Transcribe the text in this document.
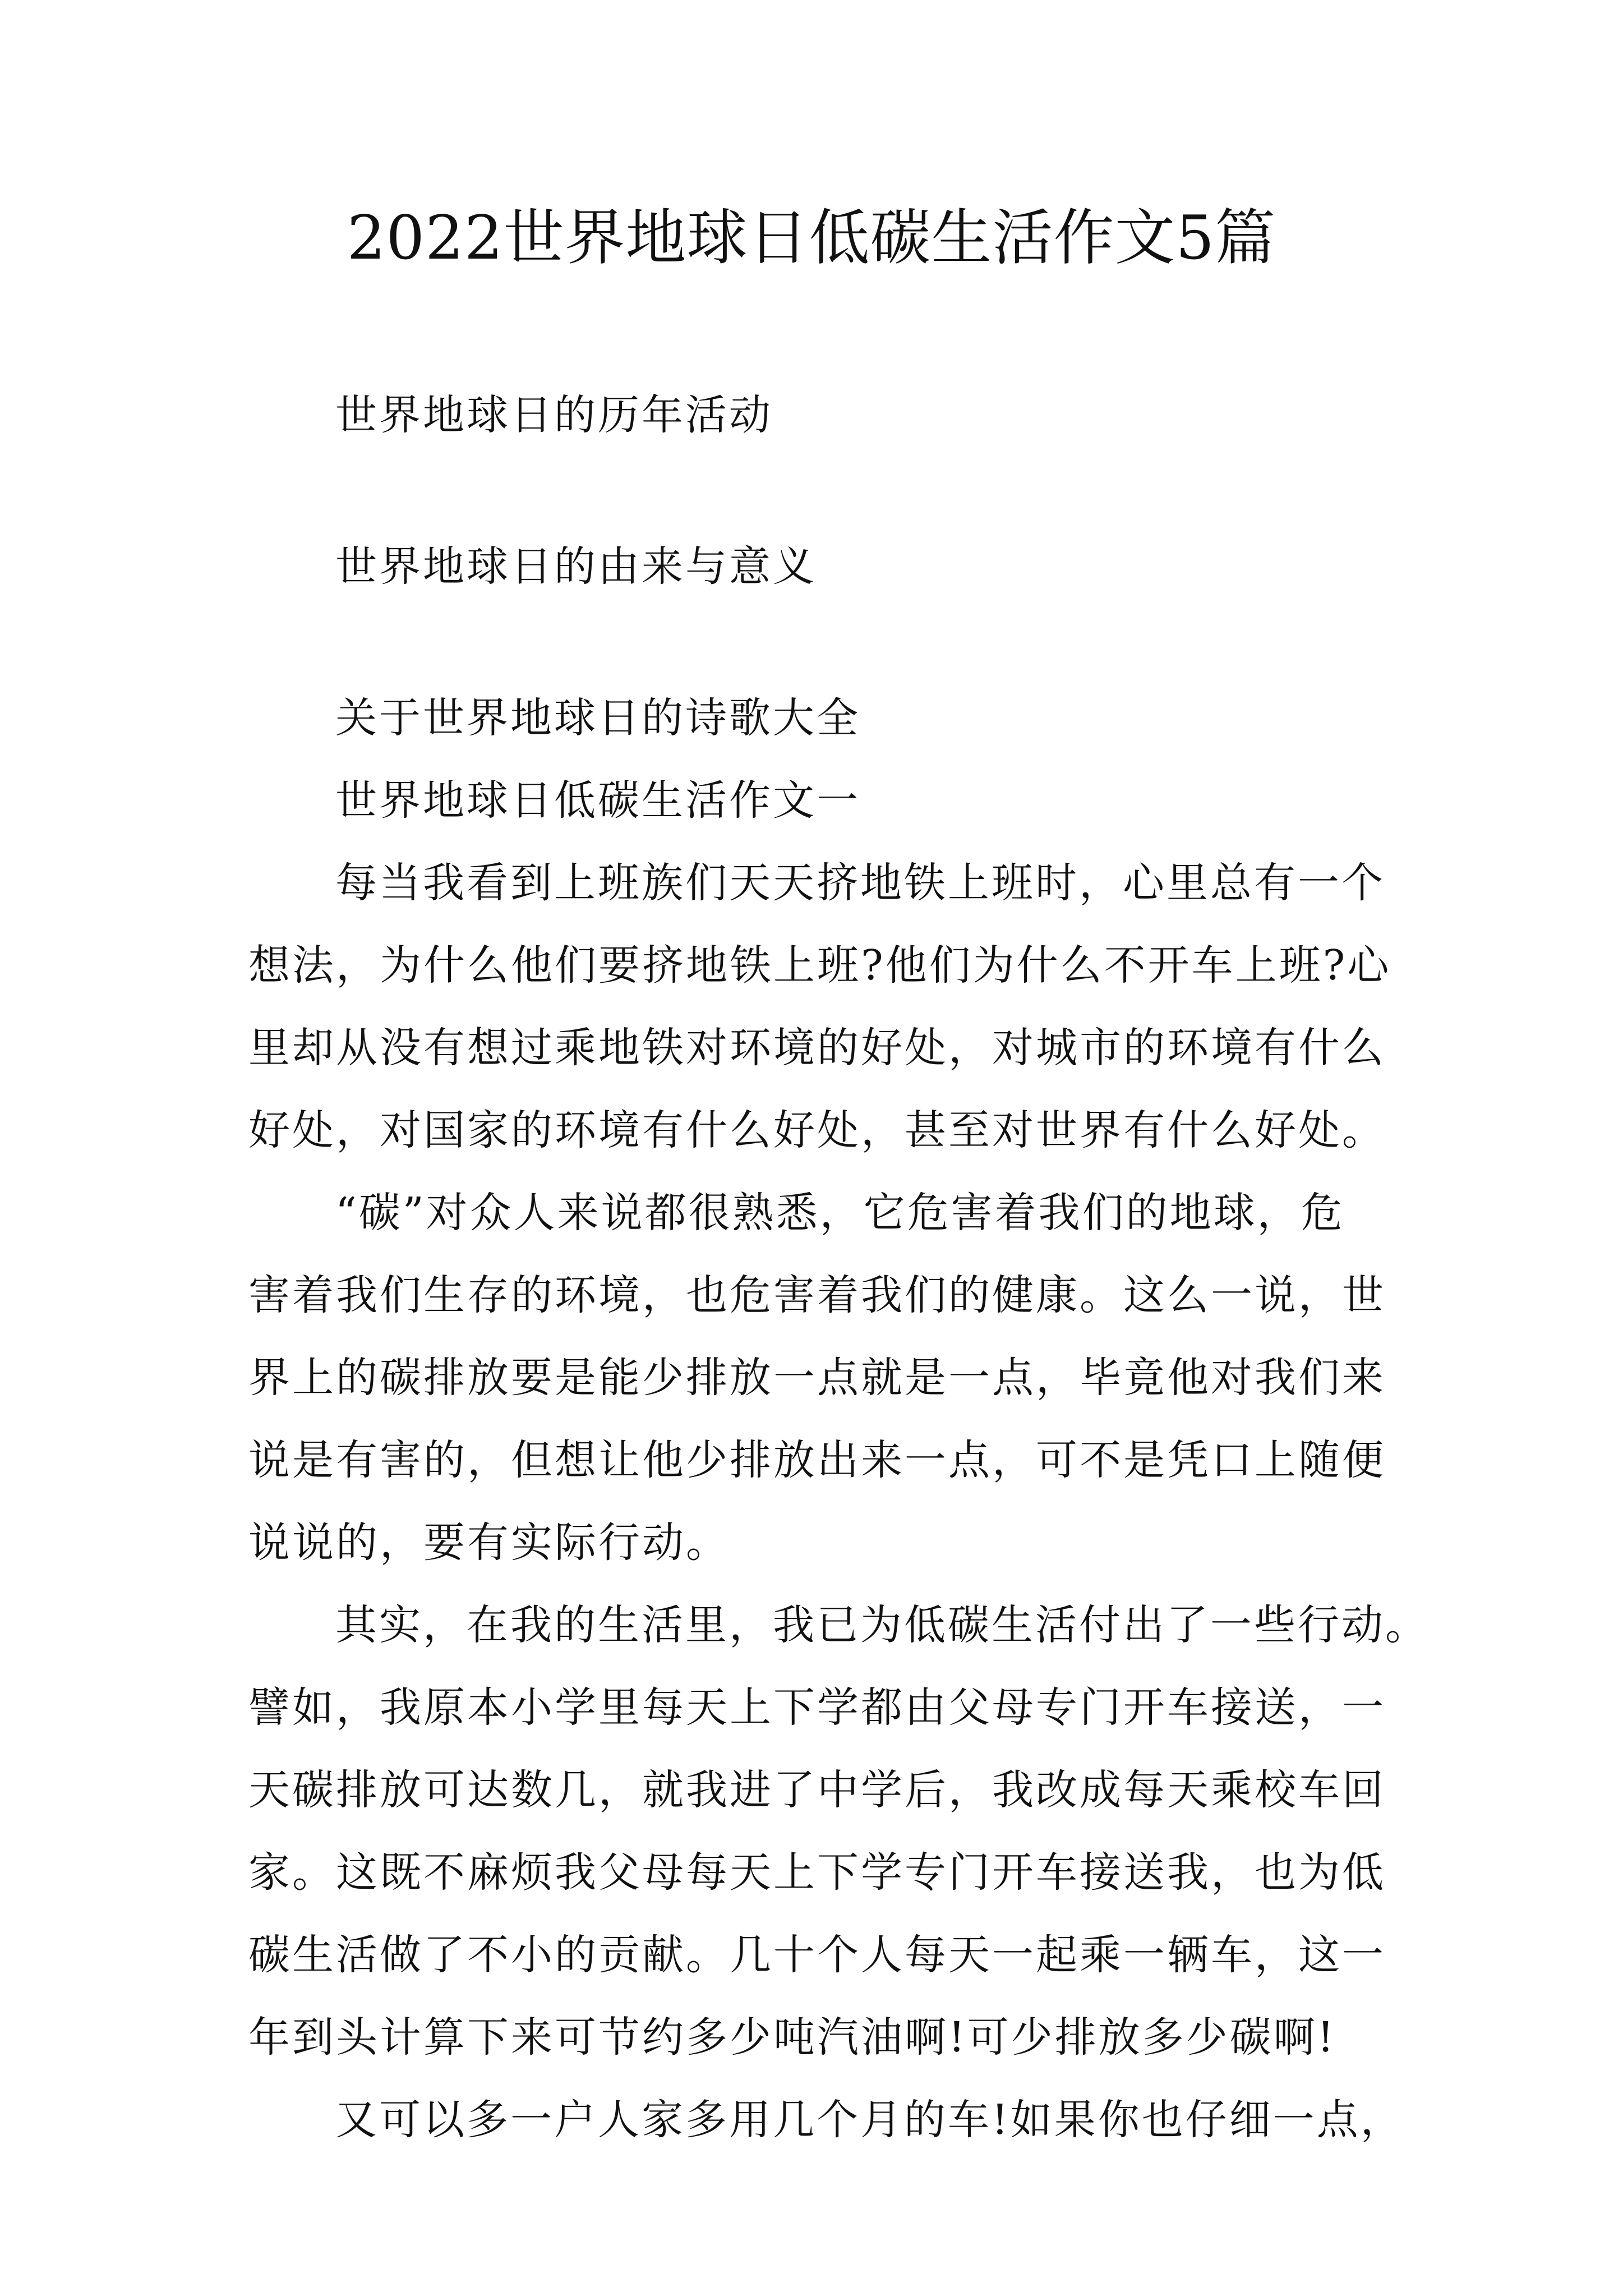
2022世界地球日低碳生活作文5篇
世界地球日的历年活动
世界地球日的由来与意义
关于世界地球日的诗歌大全
世界地球日低碳生活作文一
每当我看到上班族们天天挤地铁上班时，心里总有一个
想法，为什么他们要挤地铁上班?他们为什么不开车上班?心
里却从没有想过乘地铁对环境的好处，对城市的环境有什么
好处，对国家的环境有什么好处，甚至对世界有什么好处。
“碳”对众人来说都很熟悉，它危害着我们的地球，危
害着我们生存的环境，也危害着我们的健康。这么一说，世
界上的碳排放要是能少排放一点就是一点，毕竟他对我们来
说是有害的，但想让他少排放出来一点，可不是凭口上随便
说说的，要有实际行动。
其实，在我的生活里，我已为低碳生活付出了一些行动。
譬如，我原本小学里每天上下学都由父母专门开车接送，一
天碳排放可达数几，就我进了中学后，我改成每天乘校车回
家。这既不麻烦我父母每天上下学专门开车接送我，也为低
碳生活做了不小的贡献。几十个人每天一起乘一辆车，这一
年到头计算下来可节约多少吨汽油啊!可少排放多少碳啊!
又可以多一户人家多用几个月的车!如果你也仔细一点，
